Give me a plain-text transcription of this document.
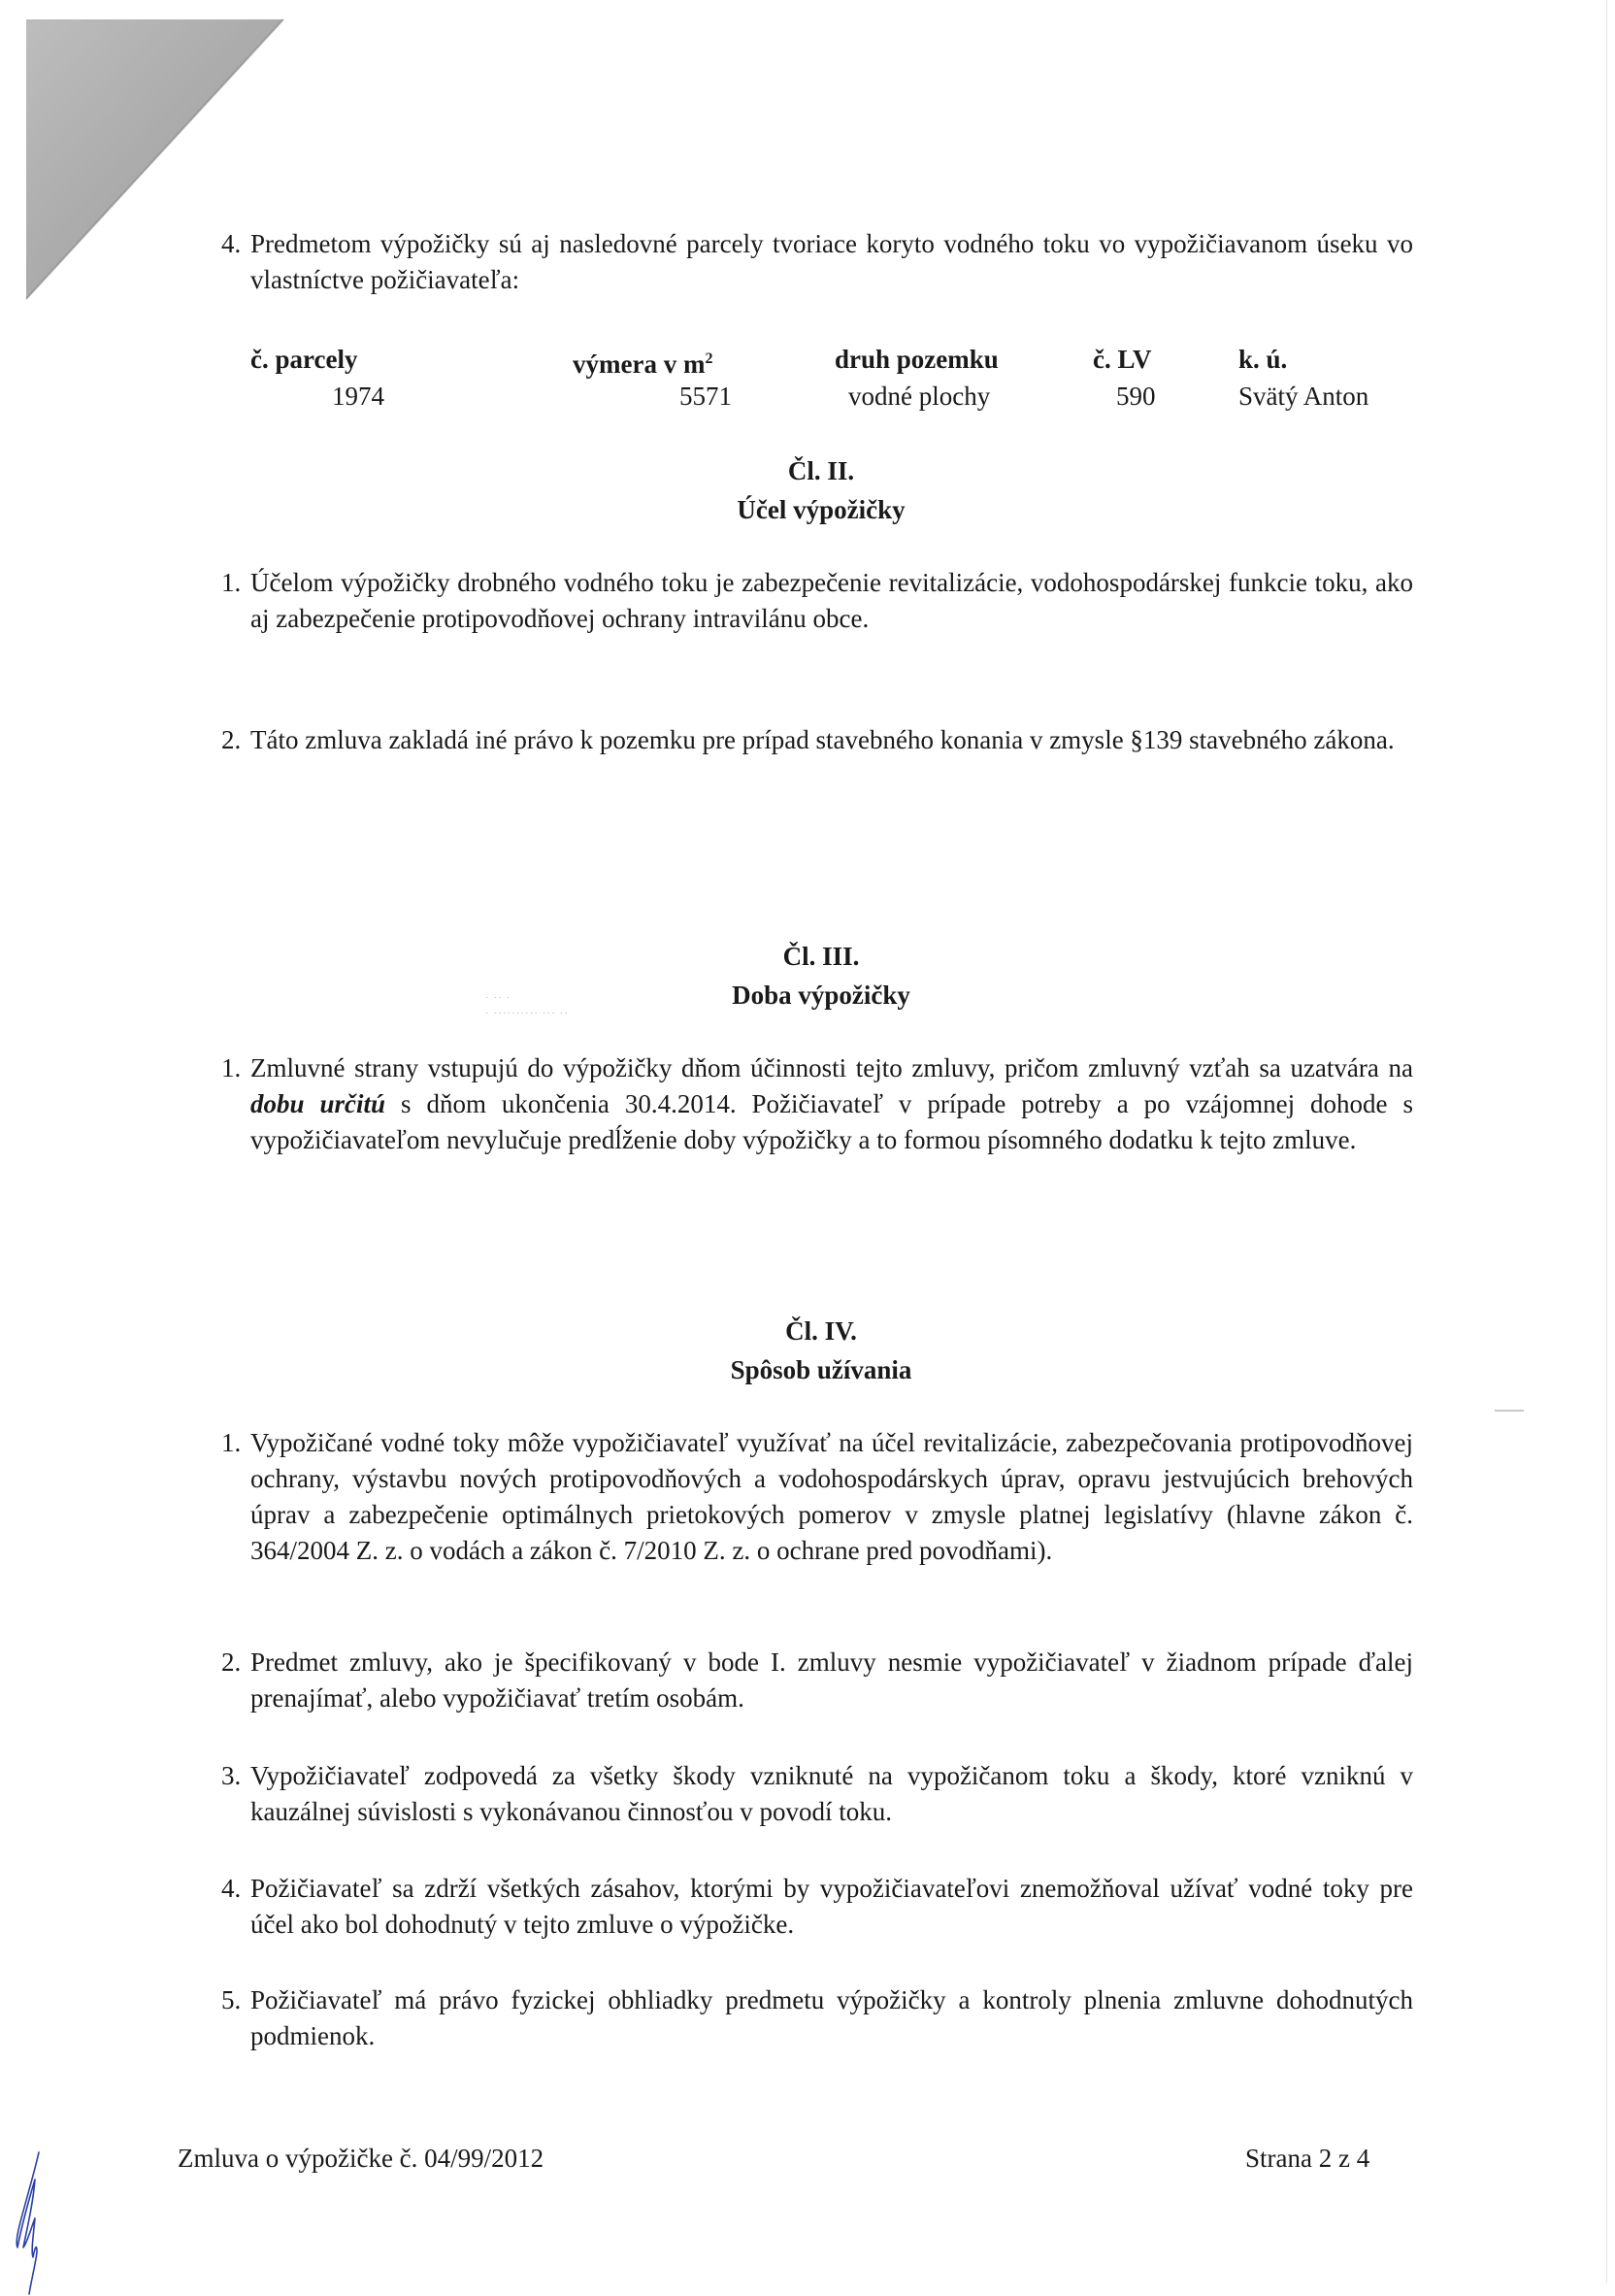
4. Predmetom výpožičky sú aj nasledovné parcely tvoriace koryto vodného toku vo vypožičiavanom úseku vo vlastníctve požičiavateľa:
č. parcely	výmera v $m^2$	druh pozemku	č. LV	k. ú.
1974	5571	vodné plochy	590	Svätý Anton
Čl. II.
Účel výpožičky
1. Účelom výpožičky drobného vodného toku je zabezpečenie revitalizácie, vodohospodárskej funkcie toku, ako aj zabezpečenie protipovodňovej ochrany intravilánu obce.
2. Táto zmluva zakladá iné právo k pozemku pre prípad stavebného konania v zmysle §139 stavebného zákona.
· ·· ·
· ·········· ··· ··
Čl. III.
Doba výpožičky
1. Zmluvné strany vstupujú do výpožičky dňom účinnosti tejto zmluvy, pričom zmluvný vzťah sa uzatvára na dobu určitú s dňom ukončenia 30.4.2014. Požičiavateľ v prípade potreby a po vzájomnej dohode s vypožičiavateľom nevylučuje predĺženie doby výpožičky a to formou písomného dodatku k tejto zmluve.
Čl. IV.
Spôsob užívania
1. Vypožičané vodné toky môže vypožičiavateľ využívať na účel revitalizácie, zabezpečovania protipovodňovej ochrany, výstavbu nových protipovodňových a vodohospodárskych úprav, opravu jestvujúcich brehových úprav a zabezpečenie optimálnych prietokových pomerov v zmysle platnej legislatívy (hlavne zákon č. 364/2004 Z. z. o vodách a zákon č. 7/2010 Z. z. o ochrane pred povodňami).
2. Predmet zmluvy, ako je špecifikovaný v bode I. zmluvy nesmie vypožičiavateľ v žiadnom prípade ďalej prenajímať, alebo vypožičiavať tretím osobám.
3. Vypožičiavateľ zodpovedá za všetky škody vzniknuté na vypožičanom toku a škody, ktoré vzniknú v kauzálnej súvislosti s vykonávanou činnosťou v povodí toku.
4. Požičiavateľ sa zdrží všetkých zásahov, ktorými by vypožičiavateľovi znemožňoval užívať vodné toky pre účel ako bol dohodnutý v tejto zmluve o výpožičke.
5. Požičiavateľ má právo fyzickej obhliadky predmetu výpožičky a kontroly plnenia zmluvne dohodnutých podmienok.
Zmluva o výpožičke č. 04/99/2012	Strana 2 z 4
